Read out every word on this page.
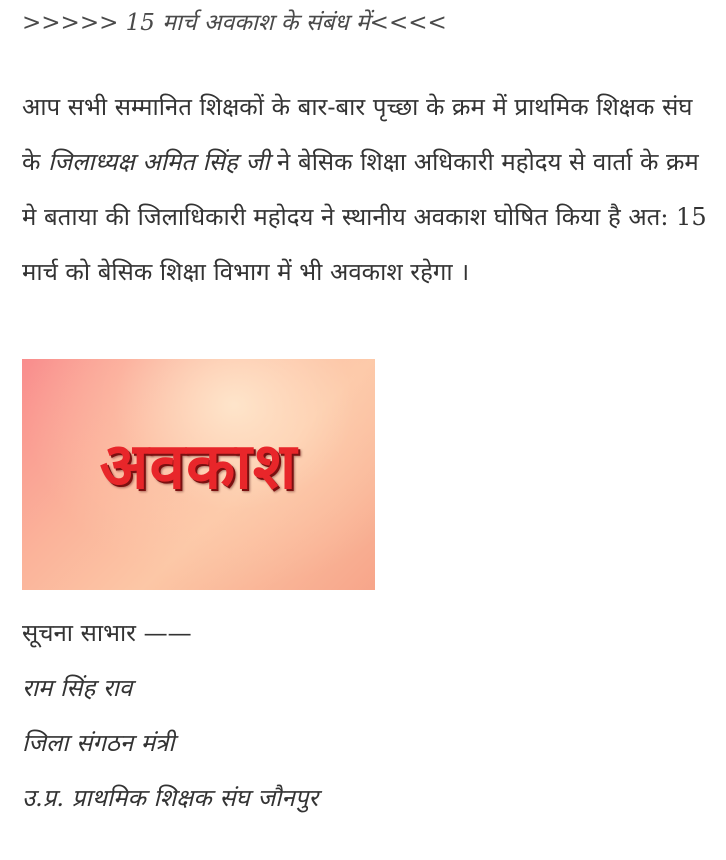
>>>>> 15 मार्च अवकाश के संबंध में<<<<

आप सभी सम्मानित शिक्षकों के बार-बार पृच्छा के क्रम में प्राथमिक शिक्षक संघ के जिलाध्यक्ष अमित सिंह जी ने बेसिक शिक्षा अधिकारी महोदय से वार्ता के क्रम मे बताया की जिलाधिकारी महोदय ने स्थानीय अवकाश घोषित किया है अत: 15 मार्च को बेसिक शिक्षा विभाग में भी अवकाश रहेगा ।

अवकाश
सूचना साभार ——
राम सिंह राव
जिला संगठन मंत्री
उ.प्र. प्राथमिक शिक्षक संघ जौनपुर
